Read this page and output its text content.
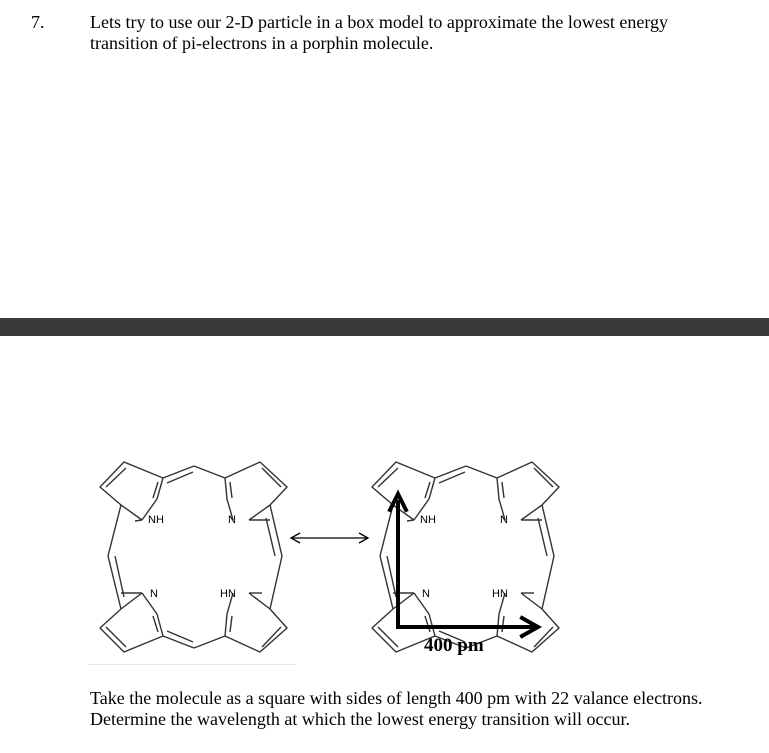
7.	Lets try to use our 2-D particle in a box model to approximate the lowest energy
transition of pi-electrons in a porphin molecule.
NH	N
N	HN
NH	N
N	HN
400 pm

Take the molecule as a square with sides of length 400 pm with 22 valance electrons.

Determine the wavelength at which the lowest energy transition will occur.
